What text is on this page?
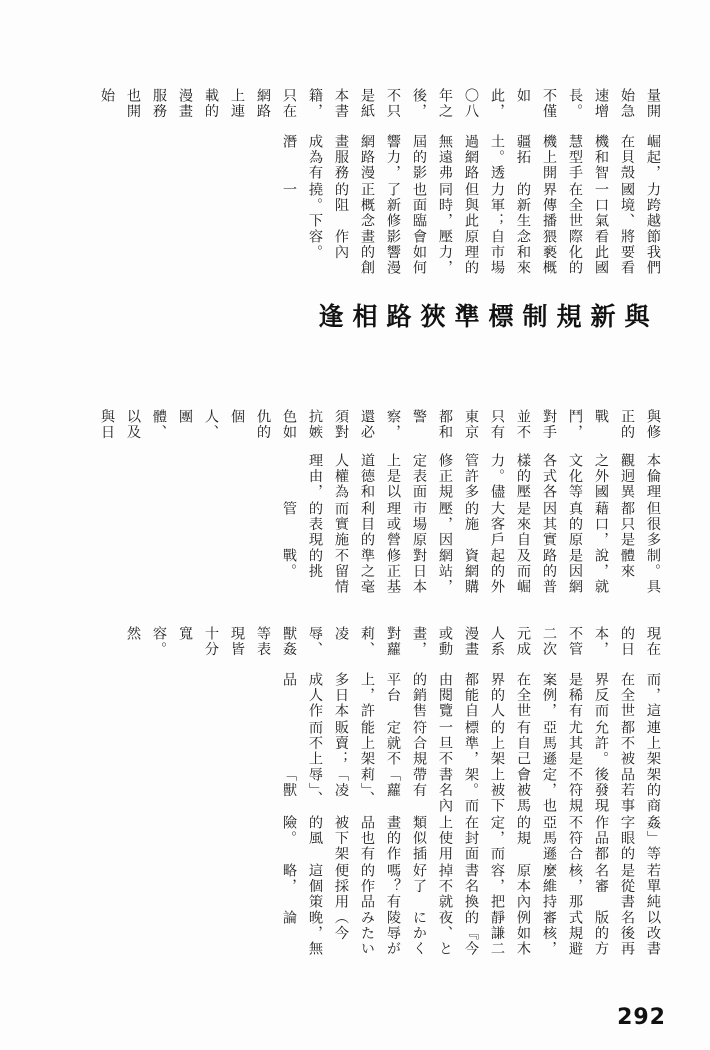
量開始急速增長。不僅如此，〇八年之後，不只是紙本書籍，只在網路上連載的漫畫服務也開始
崛起，在貝殼機和智慧型手機上開疆拓土。透過網路無遠弗屆的影響力，網路漫畫服務成為有潛
力跨越國境、一口氣在全世界傳播的新生力軍；但與此同時，也面臨了新修正概念的阻撓。下一
節我們將要看看此國際化的猥褻概念和來自市場原理的壓力，會如何影響漫畫的創作內容。
與新規制標準狹路相逢
與修正的戰鬥，對手並不只有東京都和警察，還必須對抗嫉色如仇的個人、團體、以及與日
本倫理觀迥異之外國文化等各式各樣的壓力。儘管許多修正規定表面上是以道德和人權為理由，
但很多都只是藉口，真的原因其實是來自大客戶的施壓，因市場原理或營利目的而實施的表現管
制。具體來說，就是因網路的普及而崛起的外資網購網站，對日本修正基準之毫不留情的挑戰。
現在的日本，不管二次元成人系漫畫或動畫，對蘿莉、凌辱、獸姦等表現皆十分寬容。然
而，這在全世界反而是稀有案例，在全世界的人都能自由閱覽的銷售平台上，許多日本成人作品
連上架都不被允許。尤其是亞馬遜有自己的上架標準，一旦不符合規定就不能上架販賣；而不上
架的商品若事後發現不符規定，也會被馬上被下架。而書名內帶有「蘿莉」、「凌辱」、「獸
姦」等字眼的作品都不符合亞馬遜的規定，而在封面上使用類似插畫的作品也有被下架的風險。
若單純是從書名審核，那麼維持原本內容，把書名換掉不就好了嗎？有的作品便採用這個策略，
以改書名後再版的方式規避審核，例如木靜謙二的『今夜、とにかく陵辱がみたい（今晚，無論
292
